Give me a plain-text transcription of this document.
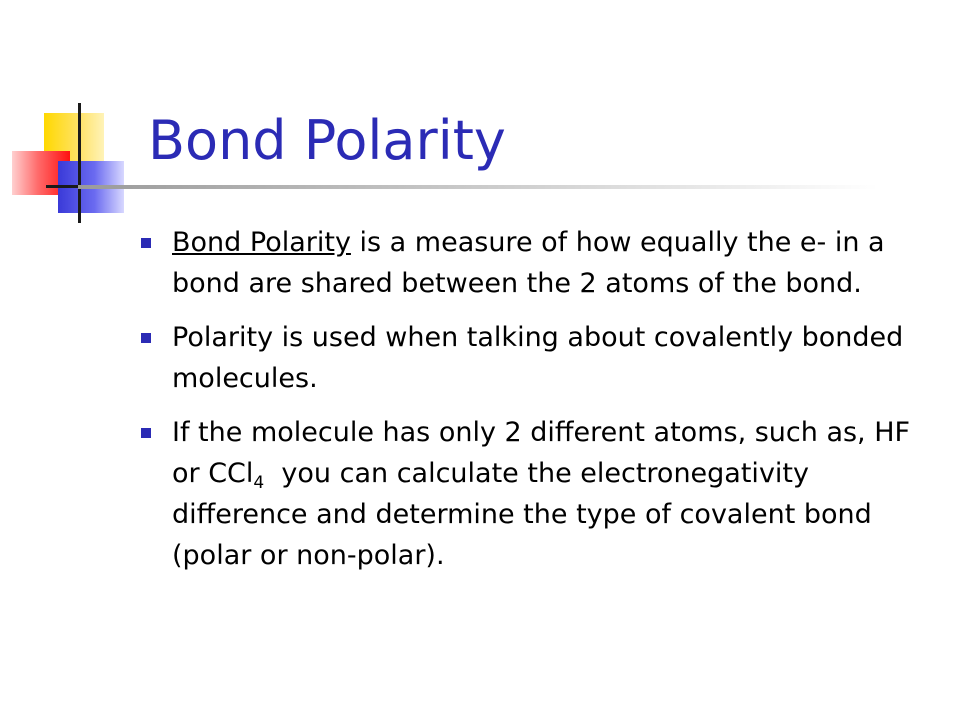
Bond Polarity
Bond Polarity is a measure of how equally the e- in a bond are shared between the 2 atoms of the bond.
Polarity is used when talking about covalently bonded molecules.
If the molecule has only 2 different atoms, such as, HF or CCl$_4$  you can calculate the electronegativity difference and determine the type of covalent bond (polar or non-polar).
